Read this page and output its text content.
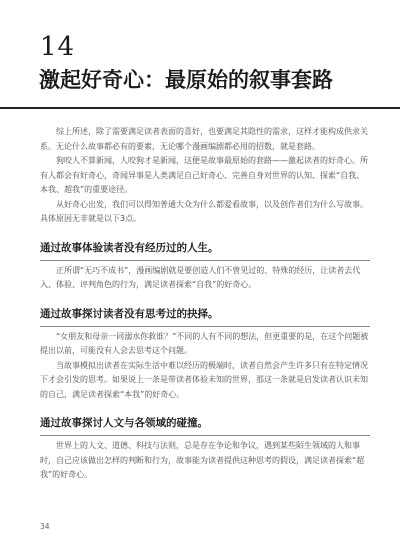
14
激起好奇心：最原始的叙事套路

综上所述，除了需要满足读者表面的喜好，也要满足其隐性的需求，这样才能构成供求关系。无论什么故事都必有的要素，无论哪个漫画编剧都必用的招数，就是套路。

狗咬人不算新闻，人咬狗才是新闻，这便是故事最原始的套路——激起读者的好奇心。所有人都会有好奇心，奇闻异事是人类满足自己好奇心、完善自身对世界的认知、探索“自我、本我、超我”的重要途径。

从好奇心出发，我们可以得知普通大众为什么都爱看故事，以及创作者们为什么写故事。具体原因无非就是以下3点。

通过故事体验读者没有经历过的人生。

正所谓“无巧不成书”，漫画编剧就是要创造人们不曾见过的、特殊的经历，让读者去代入、体验、评判角色的行为，满足读者探索“自我”的好奇心。

通过故事探讨读者没有思考过的抉择。

“女朋友和母亲一同溺水你救谁？”不同的人有不同的想法，但更重要的是，在这个问题被提出以前，可能没有人会去思考这个问题。

当故事模拟出读者在实际生活中难以经历的极端时，读者自然会产生许多只有在特定情况下才会引发的思考。如果说上一条是带读者体验未知的世界，那这一条就是启发读者认识未知的自己，满足读者探索“本我”的好奇心。

通过故事探讨人文与各领域的碰撞。

世界上的人文、道德、科技与法则，总是存在争论和争议，遇到某些陌生领域的人和事时，自己应该做出怎样的判断和行为，故事能为读者提供这种思考的假设，满足读者探索“超我”的好奇心。

34
